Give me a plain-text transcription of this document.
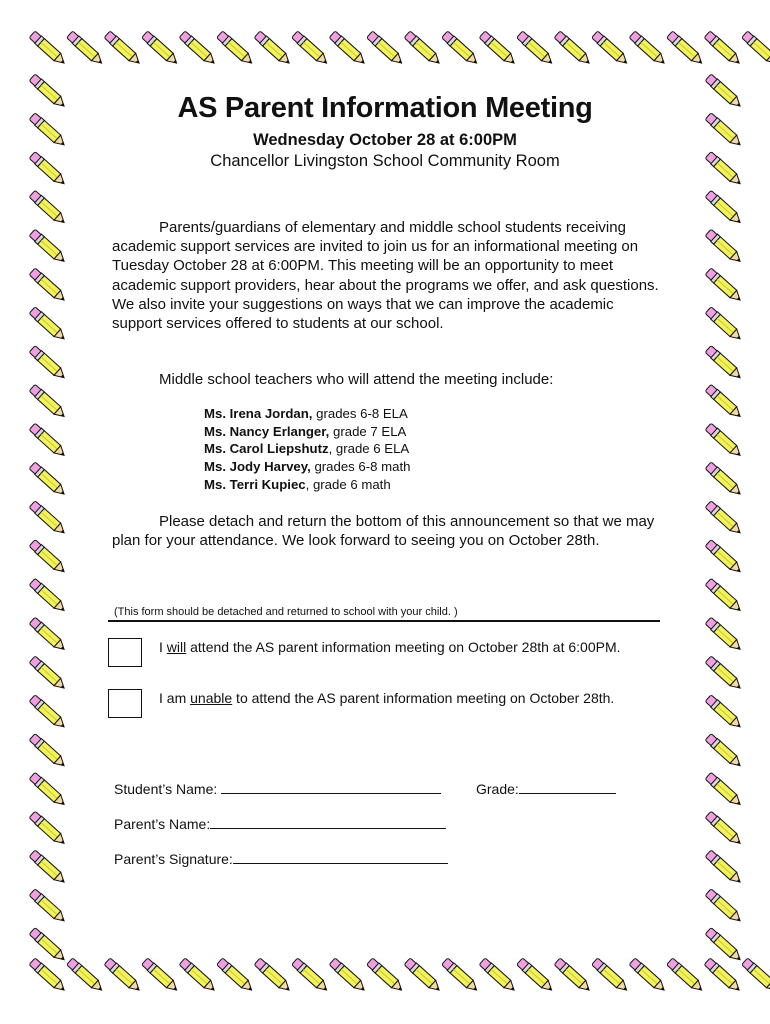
AS Parent Information Meeting

Wednesday October 28 at 6:00PM

Chancellor Livingston School Community Room

Parents/guardians of elementary and middle school students receiving academic support services are invited to join us for an informational meeting on Tuesday October 28 at 6:00PM. This meeting will be an opportunity to meet academic support providers, hear about the programs we offer, and ask questions. We also invite your suggestions on ways that we can improve the academic support services offered to students at our school.

Middle school teachers who will attend the meeting include:

Ms. Irena Jordan, grades 6-8 ELA
Ms. Nancy Erlanger, grade 7 ELA
Ms. Carol Liepshutz, grade 6 ELA
Ms. Jody Harvey, grades 6-8 math
Ms. Terri Kupiec, grade 6 math

Please detach and return the bottom of this announcement so that we may plan for your attendance. We look forward to seeing you on October 28th.

(This form should be detached and returned to school with your child. )

I will attend the AS parent information meeting on October 28th at 6:00PM.

I am unable to attend the AS parent information meeting on October 28th.

Student’s Name:	Grade:
Parent’s Name:
Parent’s Signature:
